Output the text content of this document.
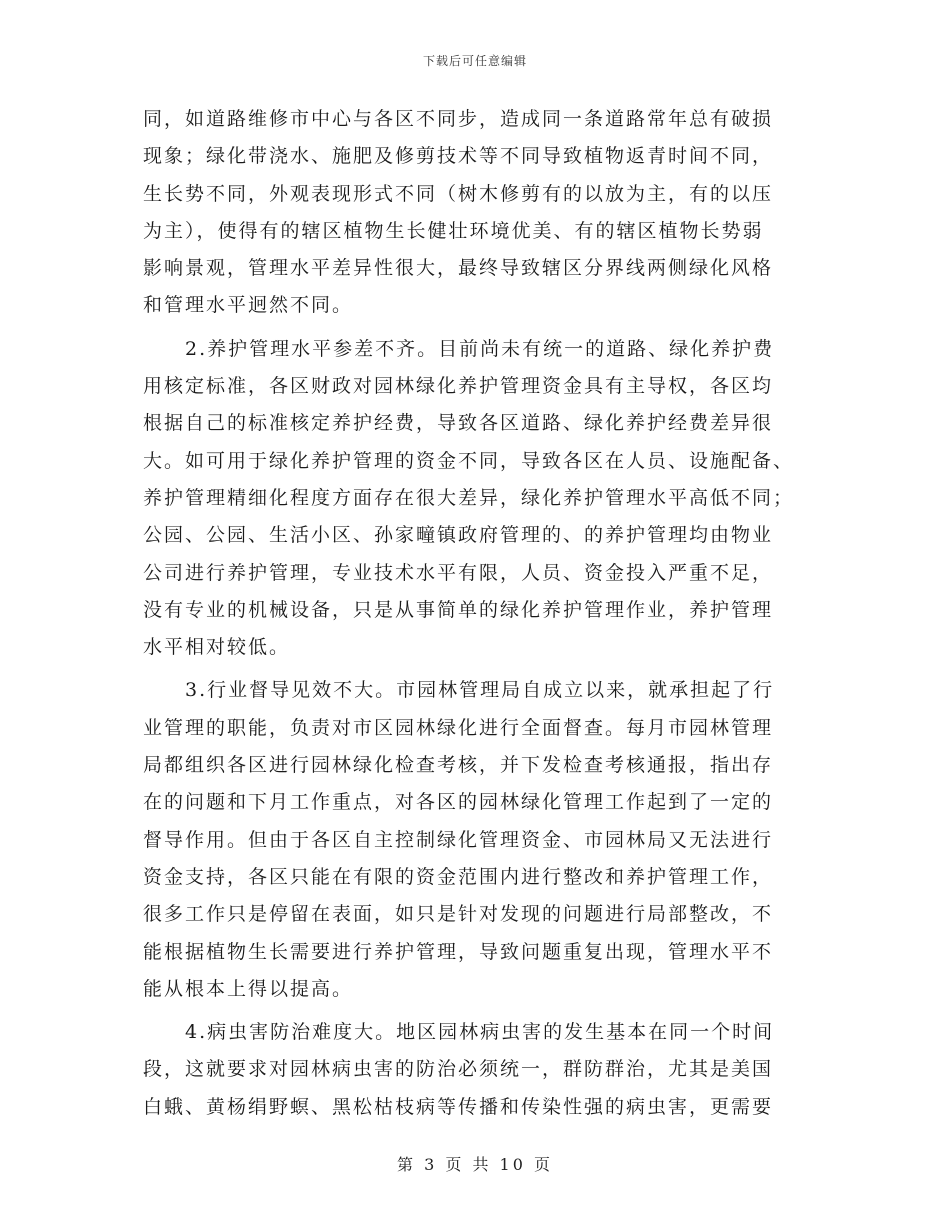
下载后可任意编辑
同，如道路维修市中心与各区不同步，造成同一条道路常年总有破损
现象；绿化带浇水、施肥及修剪技术等不同导致植物返青时间不同，
生长势不同，外观表现形式不同（树木修剪有的以放为主，有的以压
为主），使得有的辖区植物生长健壮环境优美、有的辖区植物长势弱
影响景观，管理水平差异性很大，最终导致辖区分界线两侧绿化风格
和管理水平迥然不同。
2.养护管理水平参差不齐。目前尚未有统一的道路、绿化养护费
用核定标准，各区财政对园林绿化养护管理资金具有主导权，各区均
根据自己的标准核定养护经费，导致各区道路、绿化养护经费差异很
大。如可用于绿化养护管理的资金不同，导致各区在人员、设施配备、
养护管理精细化程度方面存在很大差异，绿化养护管理水平高低不同；
公园、公园、生活小区、孙家疃镇政府管理的、的养护管理均由物业
公司进行养护管理，专业技术水平有限，人员、资金投入严重不足，
没有专业的机械设备，只是从事简单的绿化养护管理作业，养护管理
水平相对较低。
3.行业督导见效不大。市园林管理局自成立以来，就承担起了行
业管理的职能，负责对市区园林绿化进行全面督查。每月市园林管理
局都组织各区进行园林绿化检查考核，并下发检查考核通报，指出存
在的问题和下月工作重点，对各区的园林绿化管理工作起到了一定的
督导作用。但由于各区自主控制绿化管理资金、市园林局又无法进行
资金支持，各区只能在有限的资金范围内进行整改和养护管理工作，
很多工作只是停留在表面，如只是针对发现的问题进行局部整改，不
能根据植物生长需要进行养护管理，导致问题重复出现，管理水平不
能从根本上得以提高。
4.病虫害防治难度大。地区园林病虫害的发生基本在同一个时间
段，这就要求对园林病虫害的防治必须统一，群防群治，尤其是美国
白蛾、黄杨绢野螟、黑松枯枝病等传播和传染性强的病虫害，更需要
第 3 页 共 10 页
